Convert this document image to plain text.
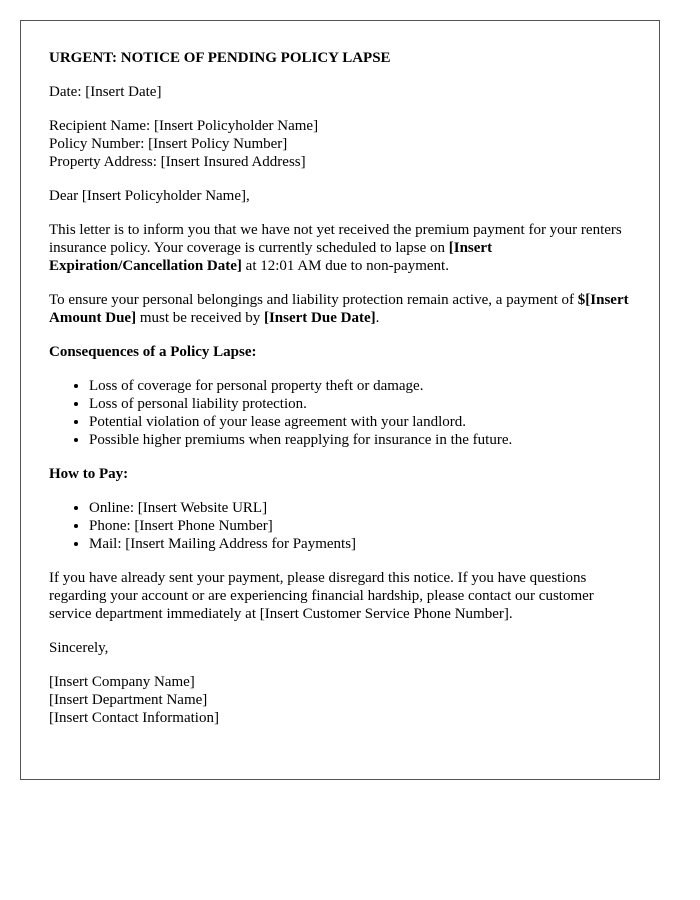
URGENT: NOTICE OF PENDING POLICY LAPSE

Date: [Insert Date]

Recipient Name: [Insert Policyholder Name]
Policy Number: [Insert Policy Number]
Property Address: [Insert Insured Address]

Dear [Insert Policyholder Name],

This letter is to inform you that we have not yet received the premium payment for your renters insurance policy. Your coverage is currently scheduled to lapse on [Insert Expiration/Cancellation Date] at 12:01 AM due to non-payment.

To ensure your personal belongings and liability protection remain active, a payment of $[Insert Amount Due] must be received by [Insert Due Date].

Consequences of a Policy Lapse:
• Loss of coverage for personal property theft or damage.
• Loss of personal liability protection.
• Potential violation of your lease agreement with your landlord.
• Possible higher premiums when reapplying for insurance in the future.
How to Pay:
• Online: [Insert Website URL]
• Phone: [Insert Phone Number]
• Mail: [Insert Mailing Address for Payments]

If you have already sent your payment, please disregard this notice. If you have questions regarding your account or are experiencing financial hardship, please contact our customer service department immediately at [Insert Customer Service Phone Number].

Sincerely,

[Insert Company Name]
[Insert Department Name]
[Insert Contact Information]
